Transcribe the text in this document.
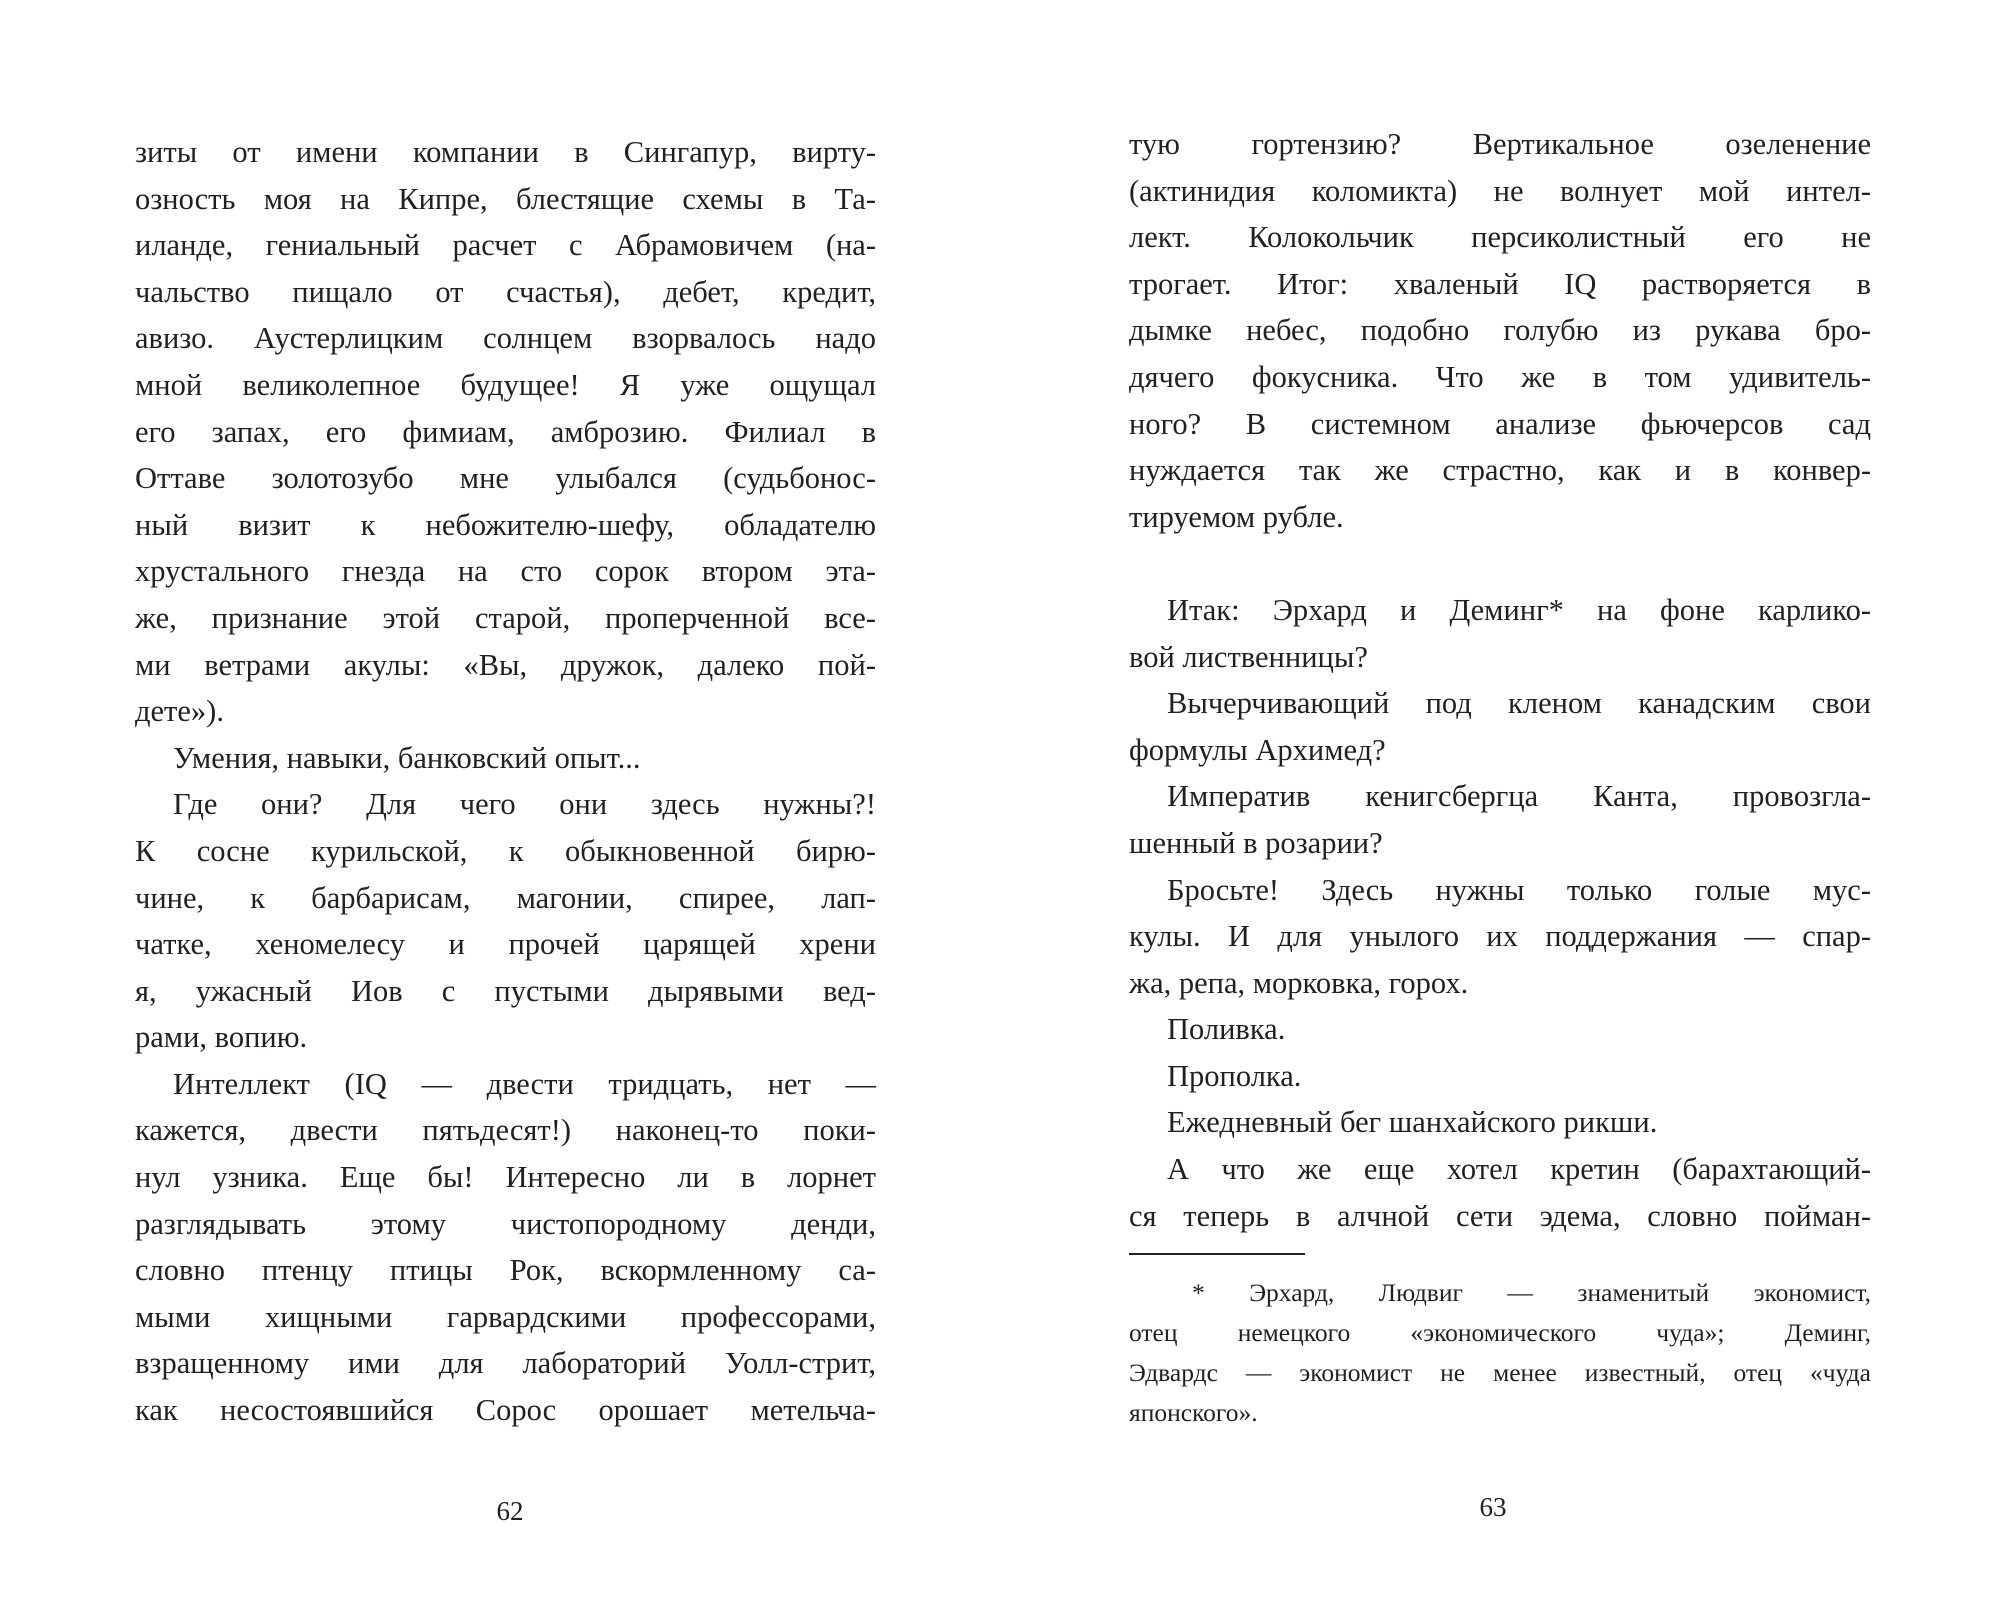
зиты от имени компании в Сингапур, вирту-
озность моя на Кипре, блестящие схемы в Та-
иланде, гениальный расчет с Абрамовичем (на-
чальство пищало от счастья), дебет, кредит,
авизо. Аустерлицким солнцем взорвалось надо
мной великолепное будущее! Я уже ощущал
его запах, его фимиам, амброзию. Филиал в
Оттаве золотозубо мне улыбался (судьбонос-
ный визит к небожителю-шефу, обладателю
хрустального гнезда на сто сорок втором эта-
же, признание этой старой, проперченной все-
ми ветрами акулы: «Вы, дружок, далеко пой-
дете»).
Умения, навыки, банковский опыт...
Где они? Для чего они здесь нужны?!
К сосне курильской, к обыкновенной бирю-
чине, к барбарисам, магонии, спирее, лап-
чатке, хеномелесу и прочей царящей хрени
я, ужасный Иов с пустыми дырявыми вед-
рами, вопию.
Интеллект (IQ — двести тридцать, нет —
кажется, двести пятьдесят!) наконец-то поки-
нул узника. Еще бы! Интересно ли в лорнет
разглядывать этому чистопородному денди,
словно птенцу птицы Рок, вскормленному са-
мыми хищными гарвардскими профессорами,
взращенному ими для лабораторий Уолл-стрит,
как несостоявшийся Сорос орошает метельча-
тую гортензию? Вертикальное озеленение
(актинидия коломикта) не волнует мой интел-
лект. Колокольчик персиколистный его не
трогает. Итог: хваленый IQ растворяется в
дымке небес, подобно голубю из рукава бро-
дячего фокусника. Что же в том удивитель-
ного? В системном анализе фьючерсов сад
нуждается так же страстно, как и в конвер-
тируемом рубле.
Итак: Эрхард и Деминг* на фоне карлико-
вой лиственницы?
Вычерчивающий под кленом канадским свои
формулы Архимед?
Императив кенигсбергца Канта, провозгла-
шенный в розарии?
Бросьте! Здесь нужны только голые мус-
кулы. И для унылого их поддержания — спар-
жа, репа, морковка, горох.
Поливка.
Прополка.
Ежедневный бег шанхайского рикши.
А что же еще хотел кретин (барахтающий-
ся теперь в алчной сети эдема, словно пойман-
* Эрхард, Людвиг — знаменитый экономист,
отец немецкого «экономического чуда»; Деминг,
Эдвардс — экономист не менее известный, отец «чуда
японского».
62	63
